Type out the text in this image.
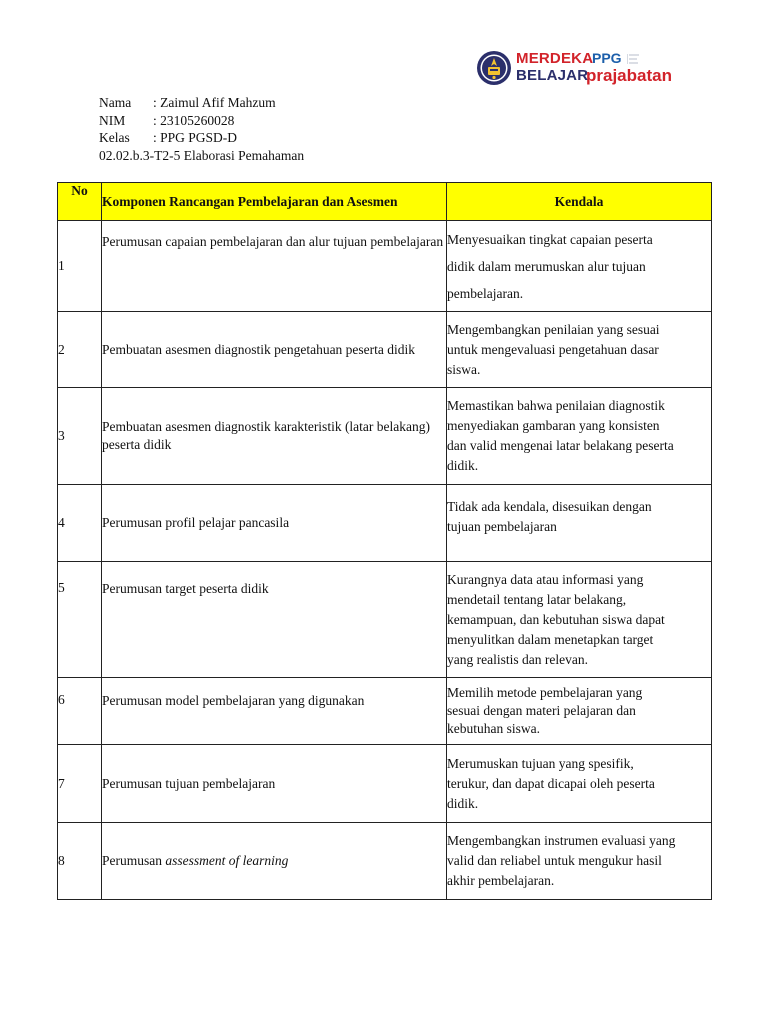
MERDEKA
BELAJAR
PPG
prajabatan
Nama : Zaimul Afif Mahzum
NIM : 23105260028
Kelas : PPG PGSD-D
02.02.b.3-T2-5 Elaborasi Pemahaman
No	Komponen Rancangan Pembelajaran dan Asesmen	Kendala
1	Perumusan capaian pembelajaran dan alur tujuan pembelajaran	Menyesuaikan tingkat capaian peserta
didik dalam merumuskan alur tujuan
pembelajaran.

2	Pembuatan asesmen diagnostik pengetahuan peserta didik	Mengembangkan penilaian yang sesuai
untuk mengevaluasi pengetahuan dasar
siswa.

3	Pembuatan asesmen diagnostik karakteristik (latar belakang) peserta didik	Memastikan bahwa penilaian diagnostik
menyediakan gambaran yang konsisten
dan valid mengenai latar belakang peserta
didik.

4	Perumusan profil pelajar pancasila	Tidak ada kendala, disesuikan dengan
tujuan pembelajaran

5	Perumusan target peserta didik	Kurangnya data atau informasi yang
mendetail tentang latar belakang,
kemampuan, dan kebutuhan siswa dapat
menyulitkan dalam menetapkan target
yang realistis dan relevan.

6	Perumusan model pembelajaran yang digunakan	Memilih metode pembelajaran yang
sesuai dengan materi pelajaran dan
kebutuhan siswa.

7	Perumusan tujuan pembelajaran	Merumuskan tujuan yang spesifik,
terukur, dan dapat dicapai oleh peserta
didik.

8	Perumusan assessment of learning	Mengembangkan instrumen evaluasi yang
valid dan reliabel untuk mengukur hasil
akhir pembelajaran.
